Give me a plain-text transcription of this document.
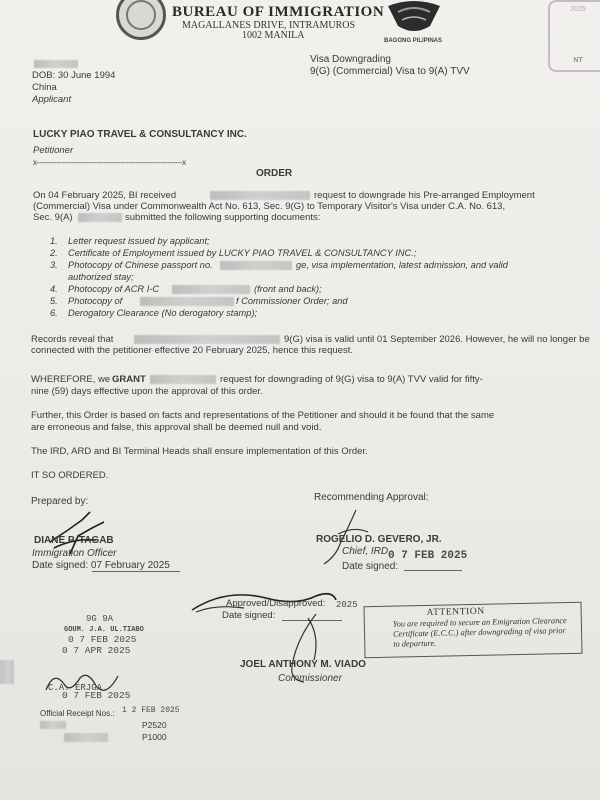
BUREAU OF IMMIGRATION
MAGALLANES DRIVE, INTRAMUROS
1002 MANILA	BAGONG PILIPINAS
2025
NT
Visa Downgrading
9(G) (Commercial) Visa to 9(A) TVV
DOB: 30 June 1994
China
Applicant
LUCKY PIAO TRAVEL & CONSULTANCY INC.
Petitioner
x-----------------------------------------------------------x
ORDER
On 04 February 2025, BI received	request to downgrade his Pre-arranged Employment
(Commercial) Visa under Commonwealth Act No. 613, Sec. 9(G) to Temporary Visitor's Visa under C.A. No. 613,
Sec. 9(A)	submitted the following supporting documents:
1. Letter request issued by applicant;
2. Certificate of Employment issued by LUCKY PIAO TRAVEL & CONSULTANCY INC.;
3. Photocopy of Chinese passport no.	ge, visa implementation, latest admission, and valid
authorized stay;
4. Photocopy of ACR I-C	(front and back);
5. Photocopy of	f Commissioner Order; and
6. Derogatory Clearance (No derogatory stamp);
Records reveal that	9(G) visa is valid until 01 September 2026. However, he will no longer be
connected with the petitioner effective 20 February 2025, hence this request.
WHEREFORE, we GRANT	request for downgrading of 9(G) visa to 9(A) TVV valid for fifty-
nine (59) days effective upon the approval of this order.
Further, this Order is based on facts and representations of the Petitioner and should it be found that the same
are erroneous and false, this approval shall be deemed null and void.
The IRD, ARD and BI Terminal Heads shall ensure implementation of this Order.
IT SO ORDERED.
Prepared by:
DIANE P. TAGAB
Immigration Officer
Date signed: 07 February 2025
Recommending Approval:
ROGELIO D. GEVERO, JR.
Chief, IRD
Date signed:
0 7 FEB 2025
Approved/Disapproved: 2025
Date signed:
JOEL ANTHONY M. VIADO
Commissioner
ATTENTION
You are required to secure an Emigration Clearance
Certificate (E.C.C.) after downgrading of visa prior
to departure.
9G 9A
GOUM. J.A. UL.TIABO
0 7 FEB 2025
0 7 APR 2025
C.A. ERJGA
0 7 FEB 2025
Official Receipt Nos.: 1 2 FEB 2025
P2520
P1000
